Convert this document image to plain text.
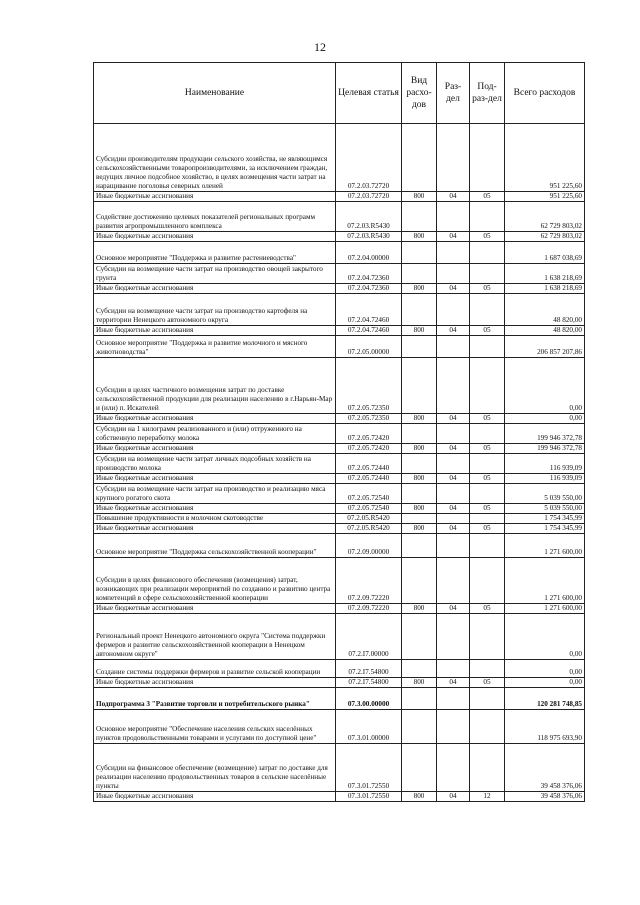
12
Наименование	Целевая статья	Вид расхо-дов	Раз-дел	Под-раз-дел	Всего расходов
Субсидии производителям продукции сельского хозяйства, не являющимся сельскохозяйственными товаропроизводителями, за исключением граждан, ведущих личное подсобное хозяйство, в целях возмещения части затрат на наращивание поголовья северных оленей	07.2.03.72720				951 225,60
Иные бюджетные ассигнования	07.2.03.72720	800	04	05	951 225,60
Содействие достижению целевых показателей региональных программ развития агропромышленного комплекса	07.2.03.R5430				62 729 803,02
Иные бюджетные ассигнования	07.2.03.R5430	800	04	05	62 729 803,02
Основное мероприятие "Поддержка и развитие растениеводства"	07.2.04.00000				1 687 038,69
Субсидии на возмещение части затрат на производство овощей закрытого грунта	07.2.04.72360				1 638 218,69
Иные бюджетные ассигнования	07.2.04.72360	800	04	05	1 638 218,69
Субсидии на возмещение части затрат на производство картофеля на территории Ненецкого автономного округа	07.2.04.72460				48 820,00
Иные бюджетные ассигнования	07.2.04.72460	800	04	05	48 820,00
Основное мероприятие "Поддержка и развитие молочного и мясного животноводства"	07.2.05.00000				206 857 207,86
Субсидии в целях частичного возмещения затрат по доставке сельскохозяйственной продукции для реализации населению в г.Нарьян-Мар и (или) п. Искателей	07.2.05.72350				0,00
Иные бюджетные ассигнования	07.2.05.72350	800	04	05	0,00
Субсидии на 1 килограмм реализованного и (или) отгруженного на собственную переработку молока	07.2.05.72420				199 946 372,78
Иные бюджетные ассигнования	07.2.05.72420	800	04	05	199 946 372,78
Субсидии на возмещение части затрат личных подсобных хозяйств на производство молока	07.2.05.72440				116 939,09
Иные бюджетные ассигнования	07.2.05.72440	800	04	05	116 939,09
Субсидии на возмещение части затрат на производство и реализацию мяса крупного рогатого скота	07.2.05.72540				5 039 550,00
Иные бюджетные ассигнования	07.2.05.72540	800	04	05	5 039 550,00
Повышение продуктивности в молочном скотоводстве	07.2.05.R5420				1 754 345,99
Иные бюджетные ассигнования	07.2.05.R5420	800	04	05	1 754 345,99
Основное мероприятие "Поддержка сельскохозяйственной кооперации"	07.2.09.00000				1 271 600,00
Субсидии в целях финансового обеспечения (возмещения) затрат, возникающих при реализации мероприятий по созданию и развитию центра компетенций в сфере сельскохозяйственной кооперации	07.2.09.72220				1 271 600,00
Иные бюджетные ассигнования	07.2.09.72220	800	04	05	1 271 600,00
Региональный проект Ненецкого автономного округа "Система поддержки фермеров и развитие сельскохозяйственной кооперации в Ненецком автономном округе"	07.2.I7.00000				0,00
Создание системы поддержки фермеров и развитие сельской кооперации	07.2.I7.54800				0,00
Иные бюджетные ассигнования	07.2.I7.54800	800	04	05	0,00
Подпрограмма 3 "Развитие торговли и потребительского рынка"	07.3.00.00000				120 281 748,85
Основное мероприятие "Обеспечение населения сельских населённых пунктов продовольственными товарами и услугами по доступной цене"	07.3.01.00000				118 975 693,90
Субсидии на финансовое обеспечение (возмещение) затрат по доставке для реализации населению продовольственных товаров в сельские населённые пункты	07.3.01.72550				39 458 376,06
Иные бюджетные ассигнования	07.3.01.72550	800	04	12	39 458 376,06
